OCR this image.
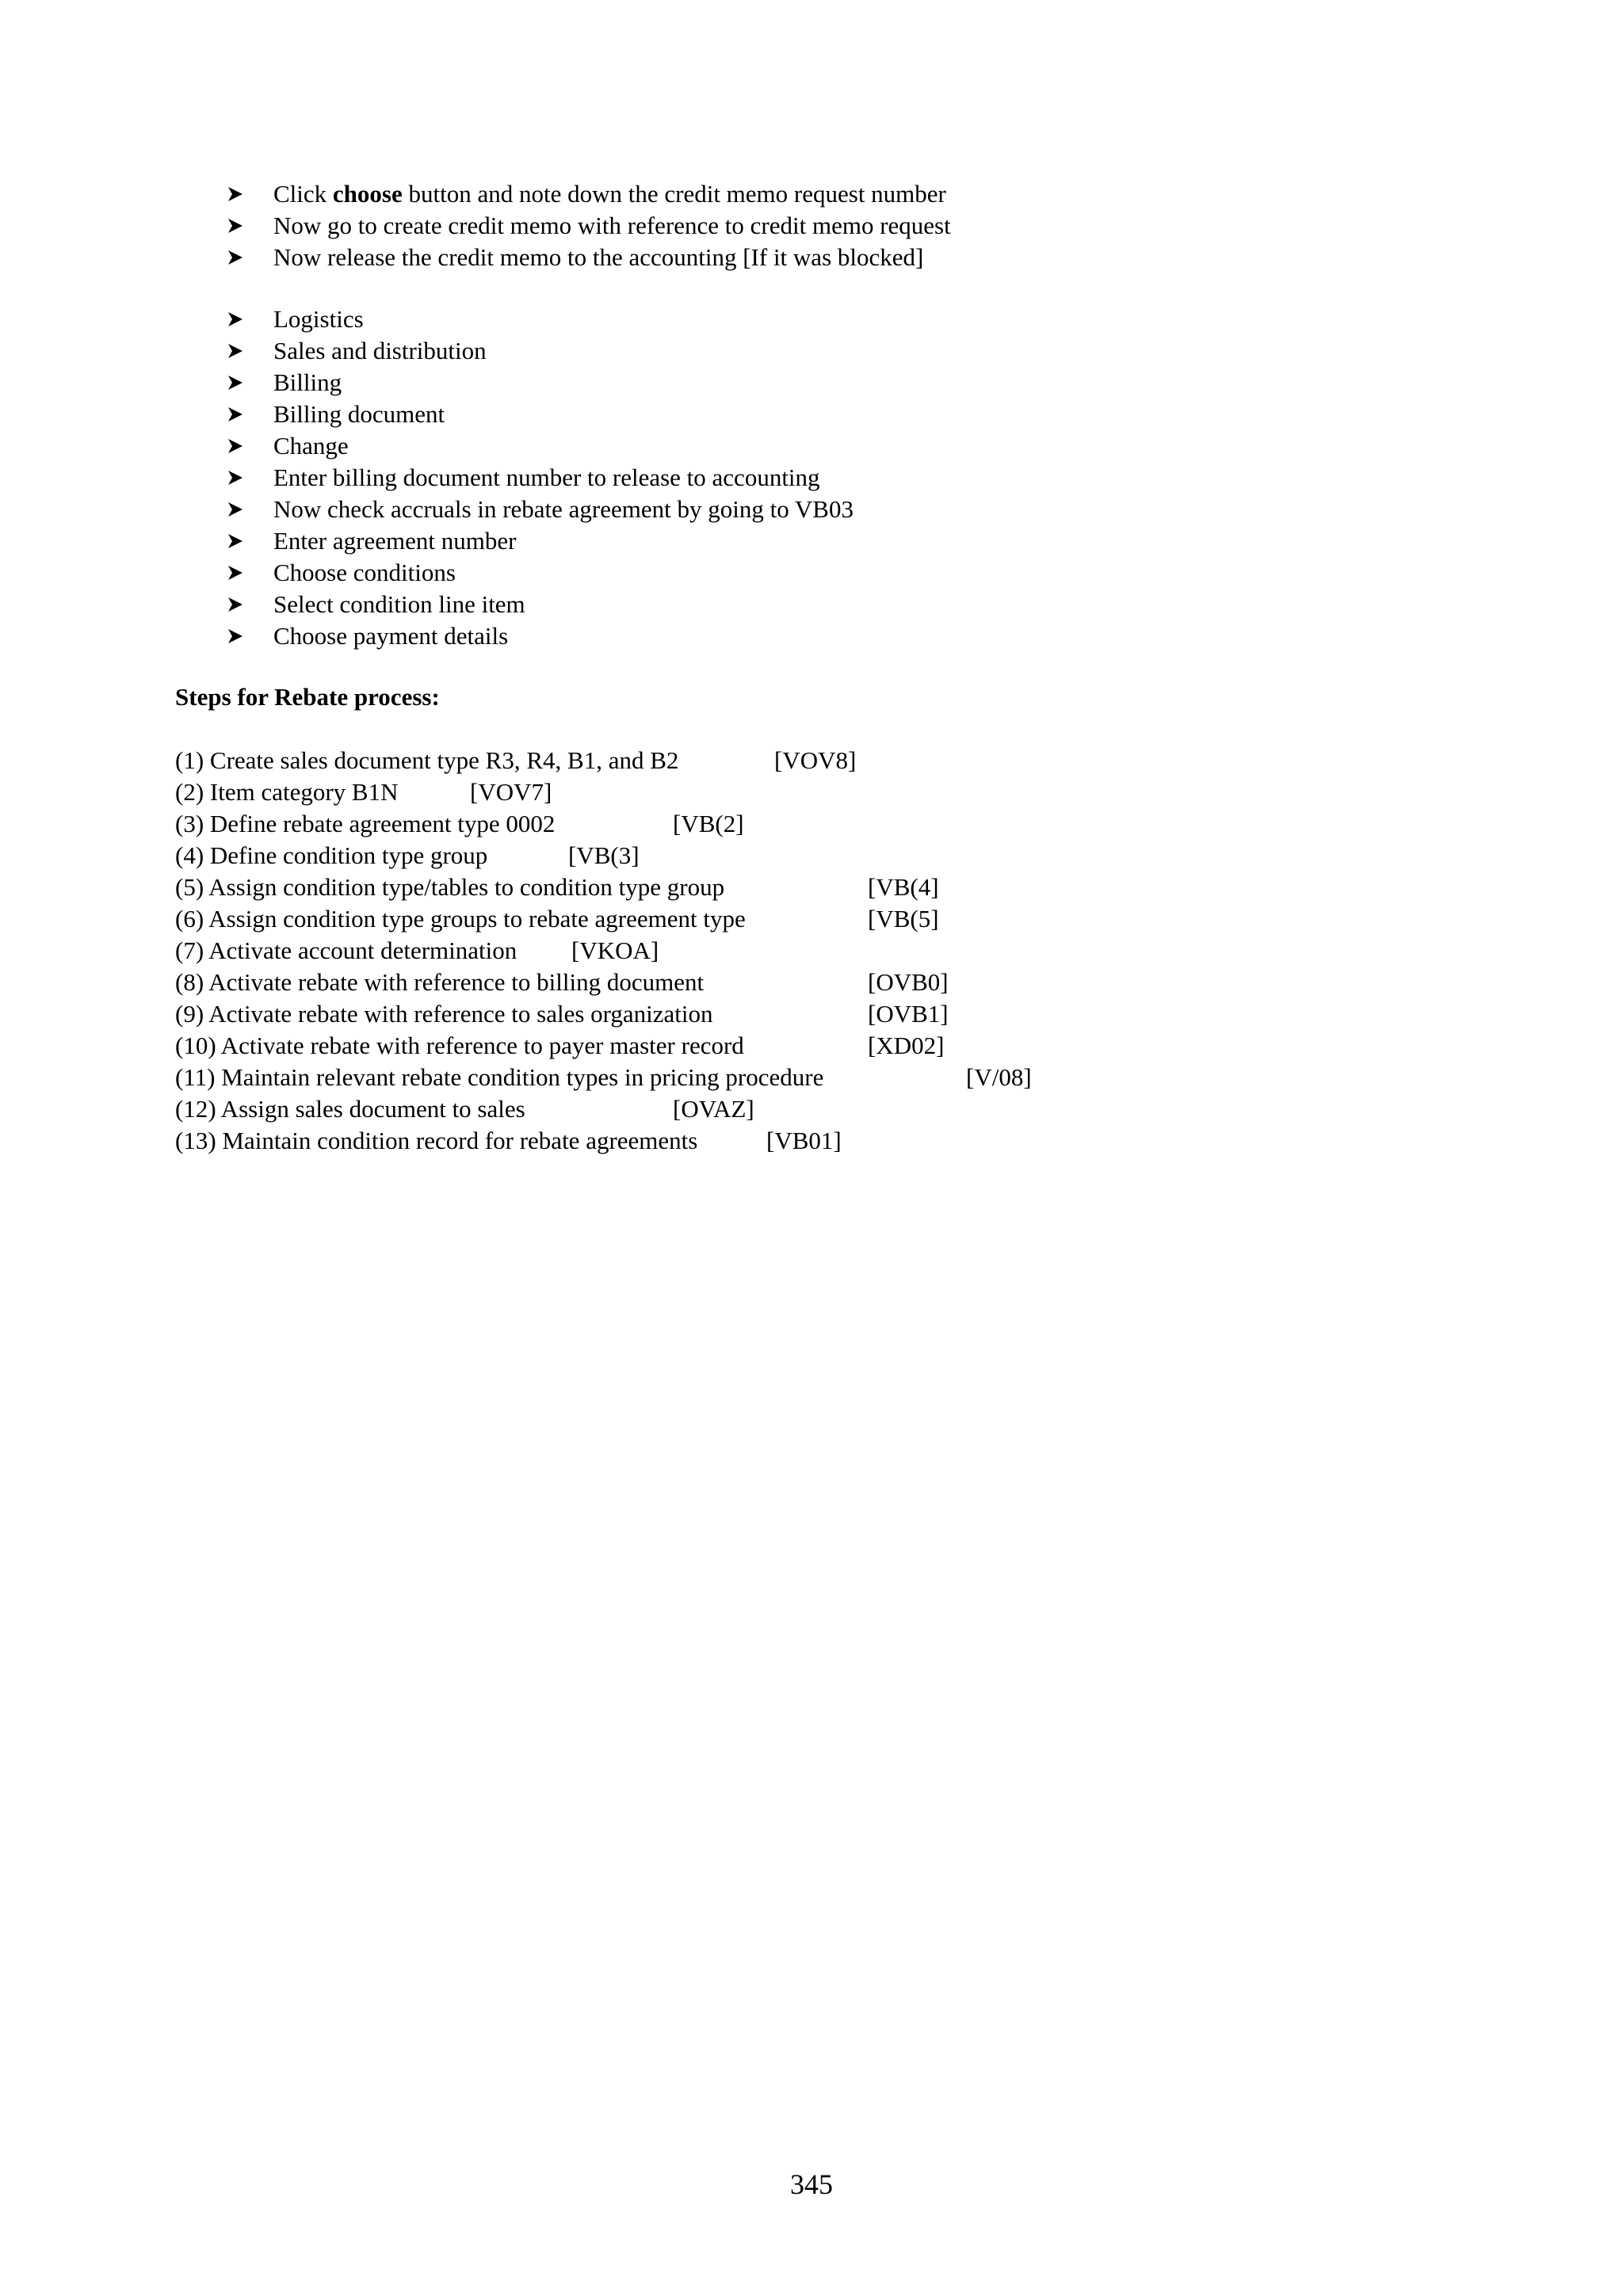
Click choose button and note down the credit memo request number
Now go to create credit memo with reference to credit memo request
Now release the credit memo to the accounting [If it was blocked]
Logistics
Sales and distribution
Billing
Billing document
Change
Enter billing document number to release to accounting
Now check accruals in rebate agreement by going to VB03
Enter agreement number
Choose conditions
Select condition line item
Choose payment details
Steps for Rebate process:
(1) Create sales document type R3, R4, B1, and B2	[VOV8]
(2) Item category B1N	[VOV7]
(3) Define rebate agreement type 0002	[VB(2]
(4) Define condition type group	[VB(3]
(5) Assign condition type/tables to condition type group	[VB(4]
(6) Assign condition type groups to rebate agreement type	[VB(5]
(7) Activate account determination [VKOA]
(8) Activate rebate with reference to billing document	[OVB0]
(9) Activate rebate with reference to sales organization	[OVB1]
(10) Activate rebate with reference to payer master record	[XD02]
(11) Maintain relevant rebate condition types in pricing procedure	[V/08]
(12) Assign sales document to sales	[OVAZ]
(13) Maintain condition record for rebate agreements	[VB01]
345
